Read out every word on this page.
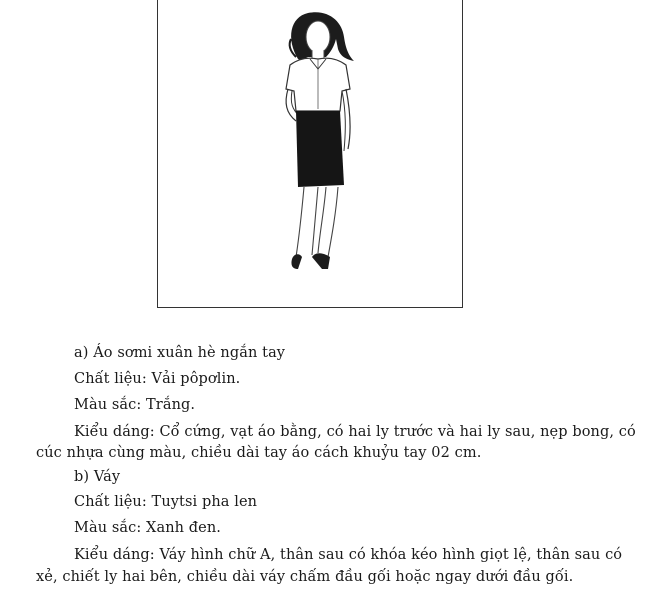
a) Áo sơmi xuân hè ngắn tay
Chất liệu: Vải pôpơlin.
Màu sắc: Trắng.
Kiểu dáng: Cổ cứng, vạt áo bằng, có hai ly trước và hai ly sau, nẹp bong, có
cúc nhựa cùng màu, chiều dài tay áo cách khuỷu tay 02 cm.
b) Váy
Chất liệu: Tuytsi pha len
Màu sắc: Xanh đen.
Kiểu dáng: Váy hình chữ A, thân sau có khóa kéo hình giọt lệ, thân sau có
xẻ, chiết ly hai bên, chiều dài váy chấm đầu gối hoặc ngay dưới đầu gối.
